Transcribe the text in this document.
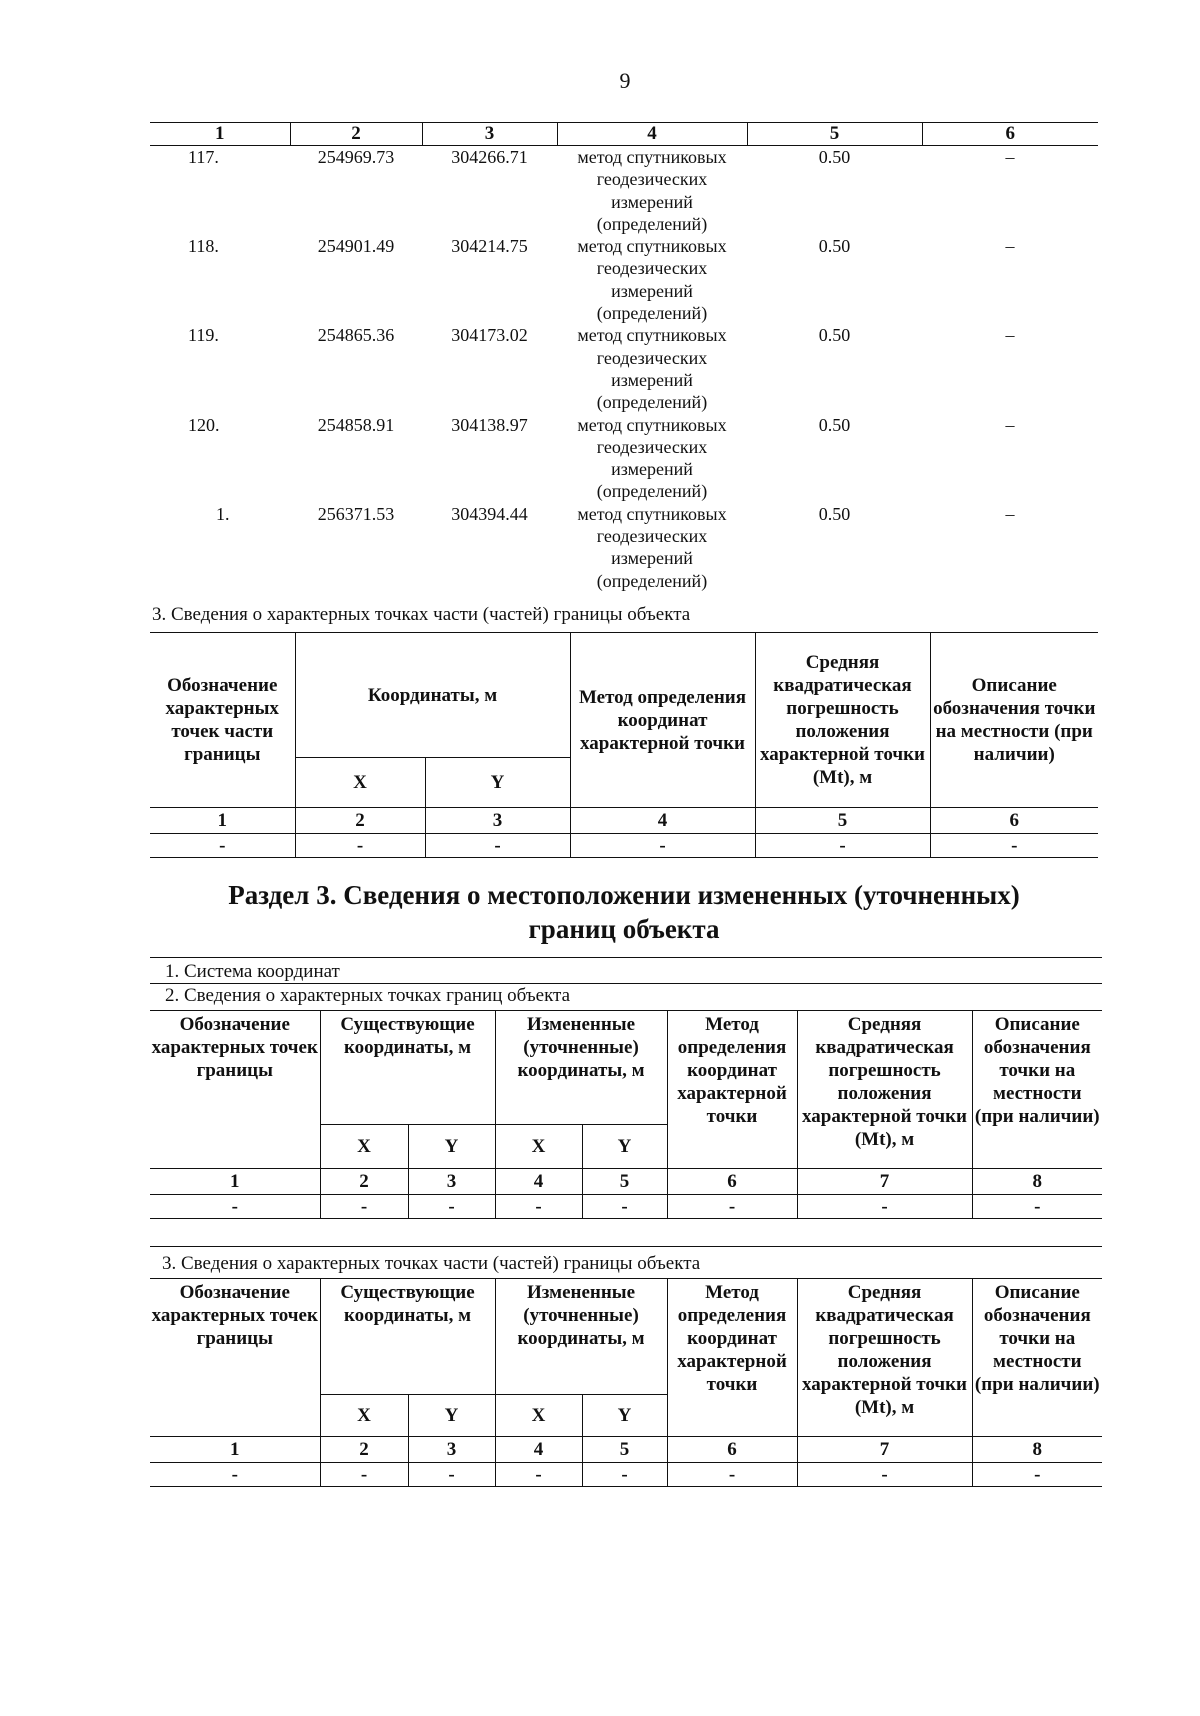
9
1	2	3	4	5	6
117.	254969.73	304266.71	метод спутниковых
геодезических
измерений
(определений)	0.50	–
118.	254901.49	304214.75	метод спутниковых
геодезических
измерений
(определений)	0.50	–
119.	254865.36	304173.02	метод спутниковых
геодезических
измерений
(определений)	0.50	–
120.	254858.91	304138.97	метод спутниковых
геодезических
измерений
(определений)	0.50	–
1.	256371.53	304394.44	метод спутниковых
геодезических
измерений
(определений)	0.50	–
3. Сведения о характерных точках части (частей) границы объекта
Обозначение характерных точек части границы	Координаты, м		Метод определения координат характерной точки	Средняя квадратическая погрешность положения характерной точки (Mt), м	Описание обозначения точки на местности (при наличии)
	X	Y			
1	2	3	4	5	6
-	-	-	-	-	-
Раздел 3. Сведения о местоположении измененных (уточненных)
границ объекта
1. Система координат
2. Сведения о характерных точках границ объекта
Обозначение характерных точек границы	Существующие координаты, м		Измененные (уточненные) координаты, м		Метод определения координат характерной точки	Средняя квадратическая погрешность положения характерной точки (Mt), м	Описание обозначения точки на местности (при наличии)
	X	Y	X	Y			
1	2	3	4	5	6	7	8
-	-	-	-	-	-	-	-
3. Сведения о характерных точках части (частей) границы объекта
Обозначение характерных точек границы	Существующие координаты, м		Измененные (уточненные) координаты, м		Метод определения координат характерной точки	Средняя квадратическая погрешность положения характерной точки (Mt), м	Описание обозначения точки на местности (при наличии)
	X	Y	X	Y			
1	2	3	4	5	6	7	8
-	-	-	-	-	-	-	-
